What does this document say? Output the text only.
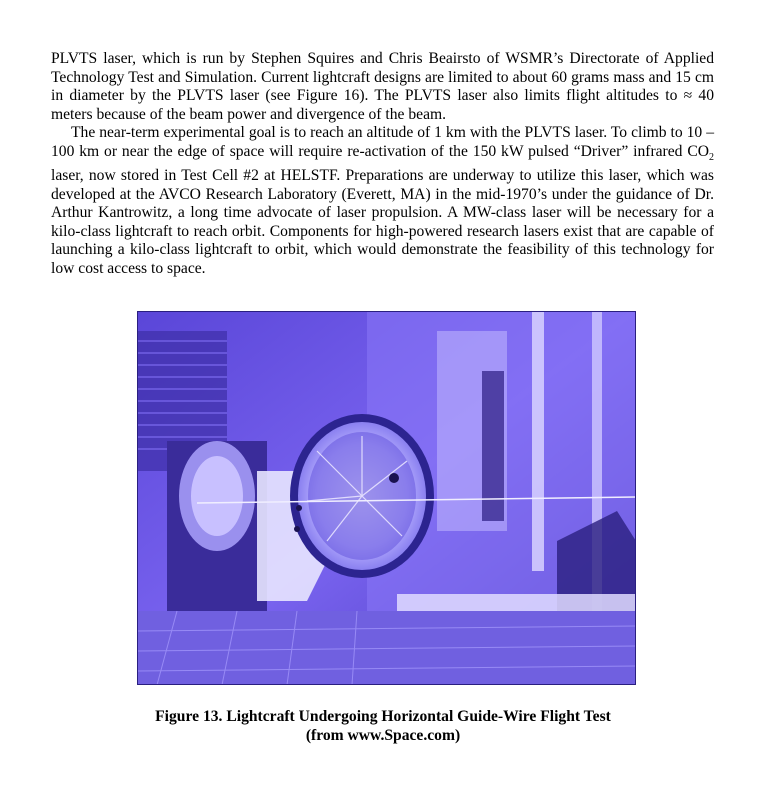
PLVTS laser, which is run by Stephen Squires and Chris Beairsto of WSMR’s Directorate of Applied Technology Test and Simulation. Current lightcraft designs are limited to about 60 grams mass and 15 cm in diameter by the PLVTS laser (see Figure 16). The PLVTS laser also limits flight altitudes to ≈ 40 meters because of the beam power and divergence of the beam.

The near-term experimental goal is to reach an altitude of 1 km with the PLVTS laser. To climb to 10 – 100 km or near the edge of space will require re-activation of the 150 kW pulsed “Driver” infrared $CO_2$ laser, now stored in Test Cell #2 at HELSTF. Preparations are underway to utilize this laser, which was developed at the AVCO Research Laboratory (Everett, MA) in the mid-1970’s under the guidance of Dr. Arthur Kantrowitz, a long time advocate of laser propulsion. A MW-class laser will be necessary for a kilo-class lightcraft to reach orbit. Components for high-powered research lasers exist that are capable of launching a kilo-class lightcraft to orbit, which would demonstrate the feasibility of this technology for low cost access to space.

Figure 13. Lightcraft Undergoing Horizontal Guide-Wire Flight Test
(from www.Space.com)
